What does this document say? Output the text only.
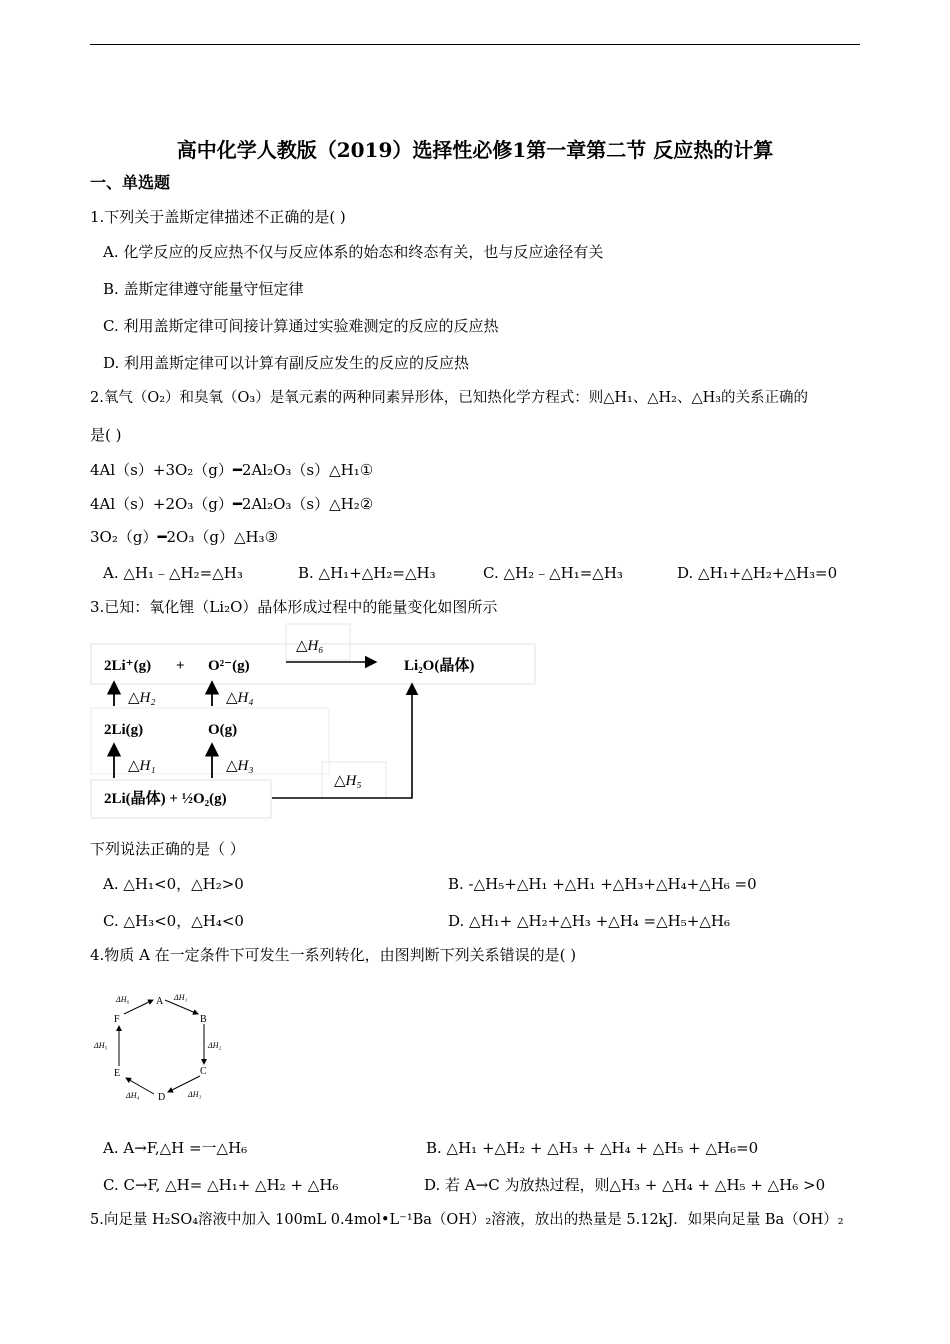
高中化学人教版（2019）选择性必修1第一章第二节 反应热的计算
一、单选题
1.下列关于盖斯定律描述不正确的是( )
A. 化学反应的反应热不仅与反应体系的始态和终态有关，也与反应途径有关
B. 盖斯定律遵守能量守恒定律
C. 利用盖斯定律可间接计算通过实验难测定的反应的反应热
D. 利用盖斯定律可以计算有副反应发生的反应的反应热
2.氧气（O₂）和臭氧（O₃）是氧元素的两种同素异形体，已知热化学方程式：则△H₁、△H₂、△H₃的关系正确的
是( )
4Al（s）+3O₂（g）━2Al₂O₃（s）△H₁①
4Al（s）+2O₃（g）━2Al₂O₃（s）△H₂②
3O₂（g）━2O₃（g）△H₃③
A. △H₁﹣△H₂=△H₃	B. △H₁+△H₂=△H₃	C. △H₂﹣△H₁=△H₃	D. △H₁+△H₂+△H₃=0
3.已知：氧化锂（Li₂O）晶体形成过程中的能量变化如图所示
2Li⁺(g) + O²⁻(g)	Li₂O(晶体)
2Li(g)	O(g)
2Li(晶体) + ½O₂(g)
△H₆
△H₂	△H₄
△H₁	△H₃
△H₅
下列说法正确的是（ ）
A. △H₁<0，△H₂>0	B. -△H₅+△H₁ +△H₁ +△H₃+△H₄+△H₆ =0
C. △H₃<0，△H₄<0	D. △H₁+ △H₂+△H₃ +△H₄ =△H₅+△H₆
4.物质 A 在一定条件下可发生一系列转化，由图判断下列关系错误的是( )
A
B
C
D
E
F
ΔH₁
ΔH₂
ΔH₃
ΔH₄
ΔH₅
ΔH₆
A. A→F,△H =一△H₆	B. △H₁ +△H₂ + △H₃ + △H₄ + △H₅ + △H₆=0
C. C→F, △H= △H₁+ △H₂ + △H₆	D. 若 A→C 为放热过程，则△H₃ + △H₄ + △H₅ + △H₆ >0
5.向足量 H₂SO₄溶液中加入 100mL 0.4mol•L⁻¹Ba（OH）₂溶液，放出的热量是 5.12kJ．如果向足量 Ba（OH）₂
